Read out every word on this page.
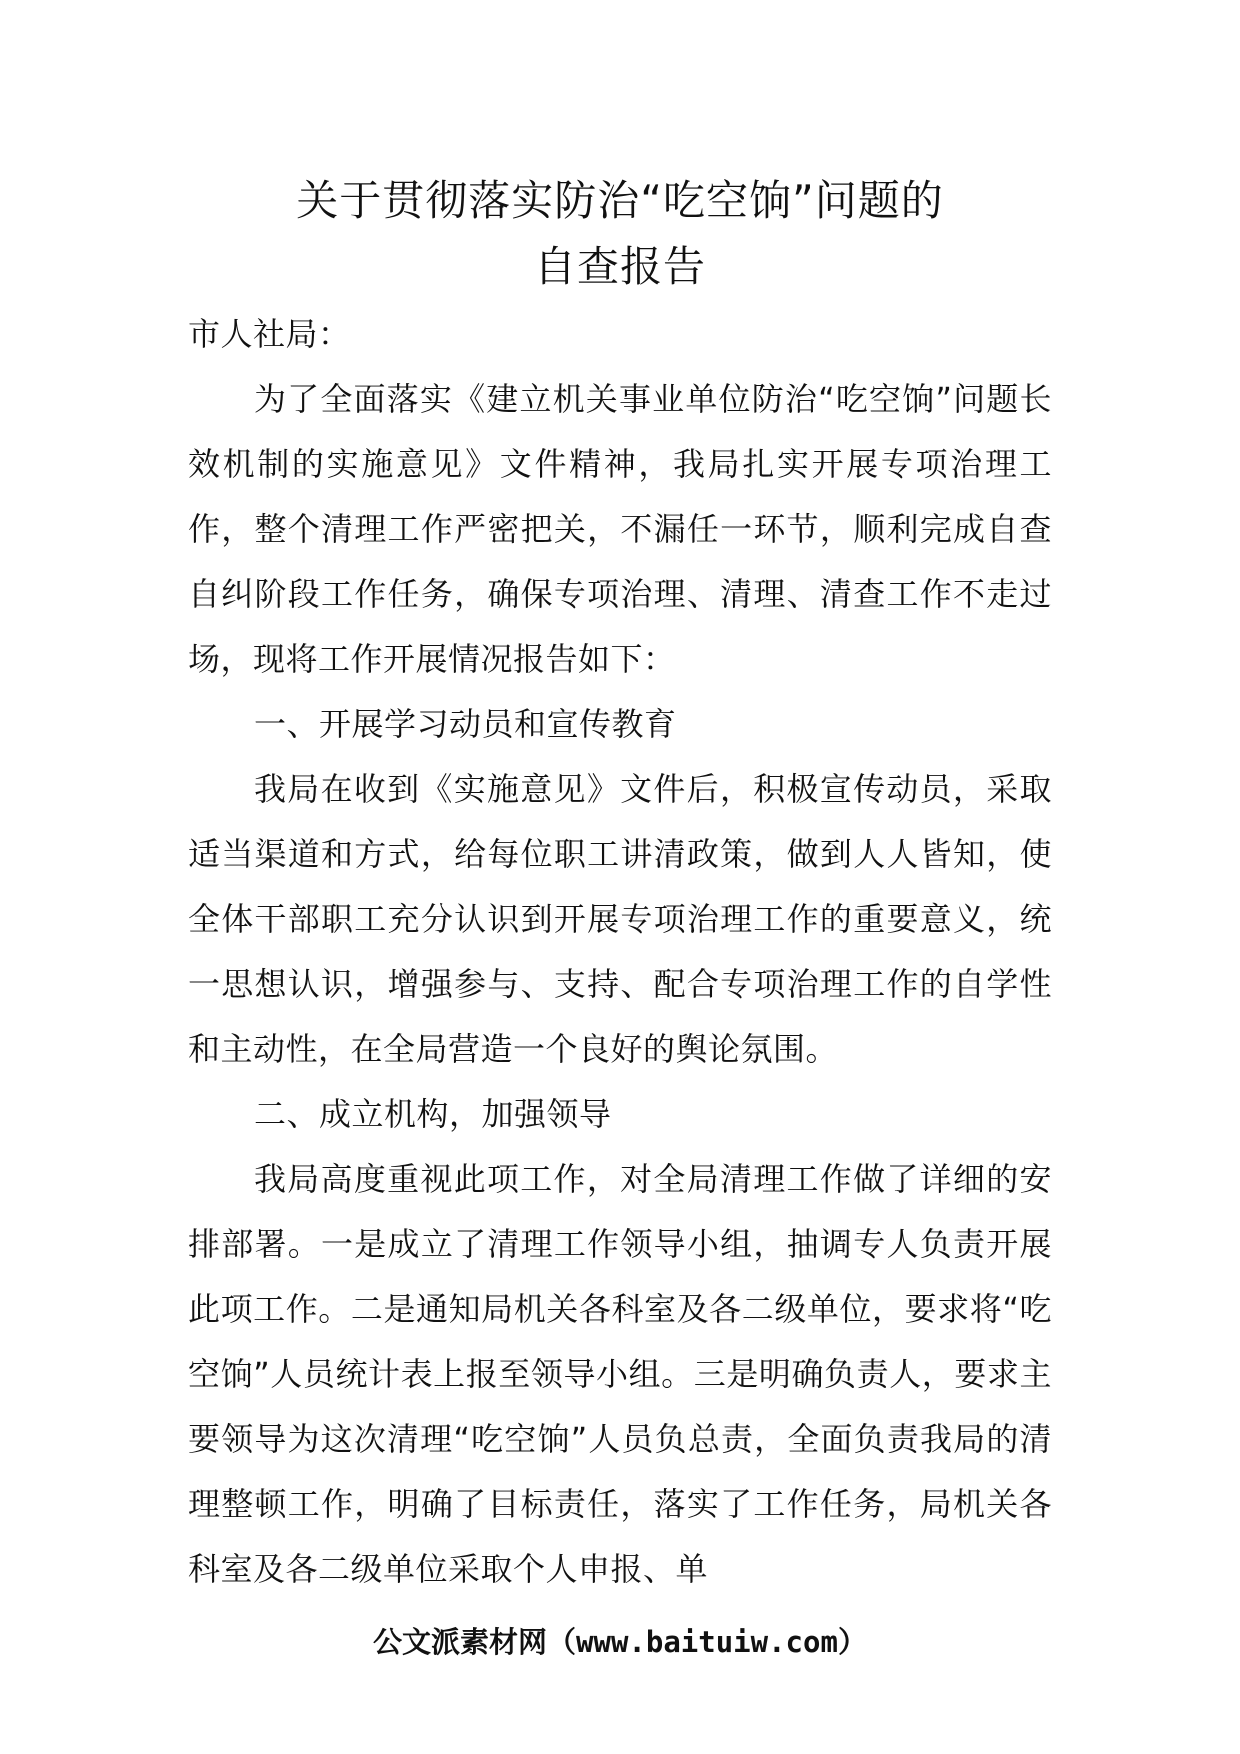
关于贯彻落实防治“吃空饷”问题的
自查报告

市人社局：

为了全面落实《建立机关事业单位防治“吃空饷”问题长效机制的实施意见》文件精神，我局扎实开展专项治理工作，整个清理工作严密把关，不漏任一环节，顺利完成自查自纠阶段工作任务，确保专项治理、清理、清查工作不走过场，现将工作开展情况报告如下：

一、开展学习动员和宣传教育

我局在收到《实施意见》文件后，积极宣传动员，采取适当渠道和方式，给每位职工讲清政策，做到人人皆知，使全体干部职工充分认识到开展专项治理工作的重要意义，统一思想认识，增强参与、支持、配合专项治理工作的自学性和主动性，在全局营造一个良好的舆论氛围。

二、成立机构，加强领导

我局高度重视此项工作，对全局清理工作做了详细的安排部署。一是成立了清理工作领导小组，抽调专人负责开展此项工作。二是通知局机关各科室及各二级单位，要求将“吃空饷”人员统计表上报至领导小组。三是明确负责人，要求主要领导为这次清理“吃空饷”人员负总责，全面负责我局的清理整顿工作，明确了目标责任，落实了工作任务，局机关各科室及各二级单位采取个人申报、单

公文派素材网（www.baituiw.com）
